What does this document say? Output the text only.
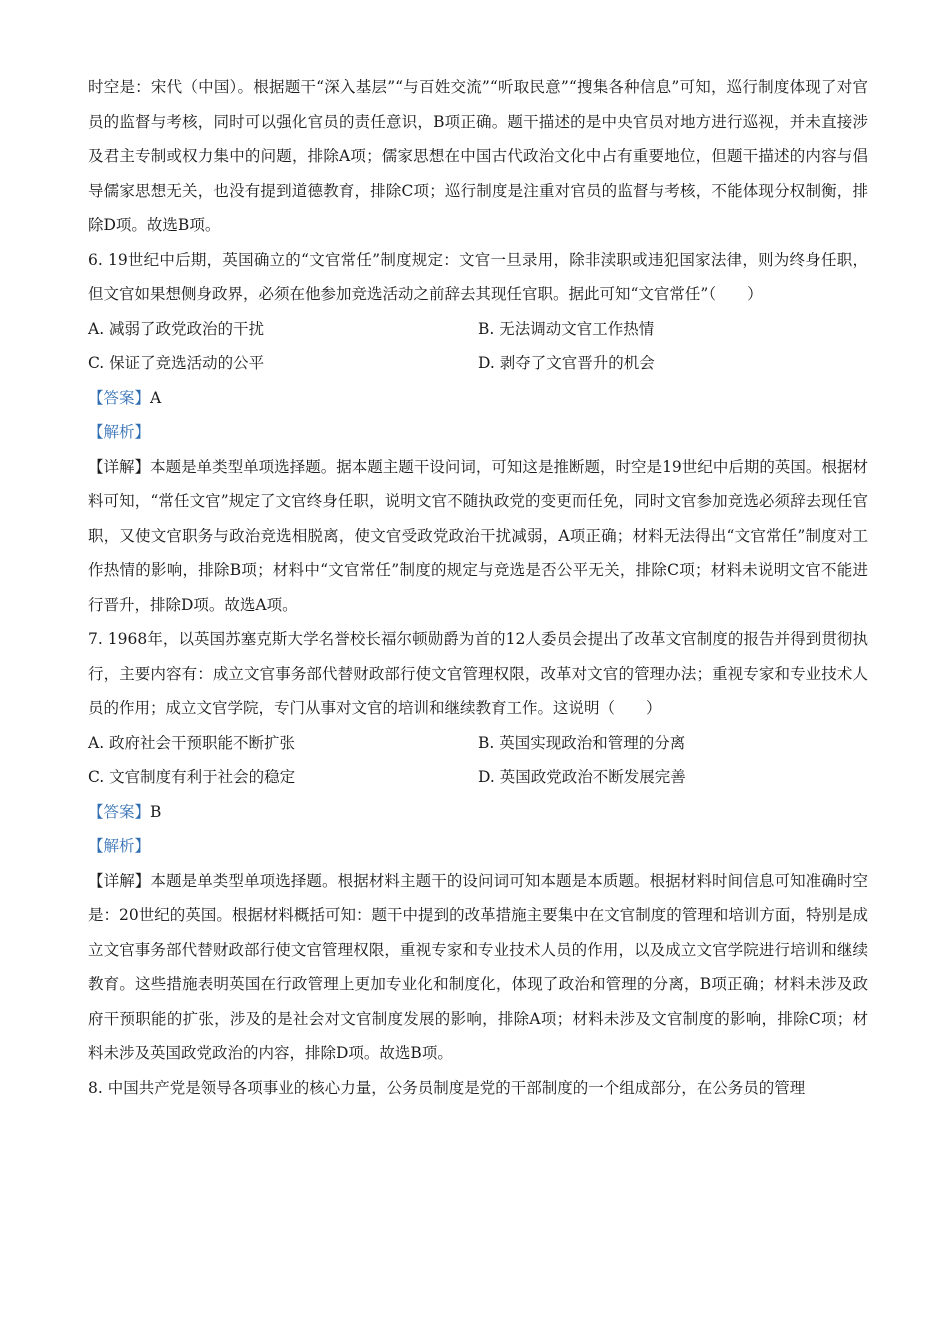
时空是：宋代（中国）。根据题干“深入基层”“与百姓交流”“听取民意”“搜集各种信息”可知，巡行制度体现了对官员的监督与考核，同时可以强化官员的责任意识，B项正确。题干描述的是中央官员对地方进行巡视，并未直接涉及君主专制或权力集中的问题，排除A项；儒家思想在中国古代政治文化中占有重要地位，但题干描述的内容与倡导儒家思想无关，也没有提到道德教育，排除C项；巡行制度是注重对官员的监督与考核，不能体现分权制衡，排除D项。故选B项。

6. 19世纪中后期，英国确立的“文官常任”制度规定：文官一旦录用，除非渎职或违犯国家法律，则为终身任职，但文官如果想侧身政界，必须在他参加竞选活动之前辞去其现任官职。据此可知“文官常任”（　　）

A. 减弱了政党政治的干扰	B. 无法调动文官工作热情
C. 保证了竞选活动的公平	D. 剥夺了文官晋升的机会

【答案】A

【解析】

【详解】本题是单类型单项选择题。据本题主题干设问词，可知这是推断题，时空是19世纪中后期的英国。根据材料可知，“常任文官”规定了文官终身任职，说明文官不随执政党的变更而任免，同时文官参加竞选必须辞去现任官职，又使文官职务与政治竞选相脱离，使文官受政党政治干扰减弱，A项正确；材料无法得出“文官常任”制度对工作热情的影响，排除B项；材料中“文官常任”制度的规定与竞选是否公平无关，排除C项；材料未说明文官不能进行晋升，排除D项。故选A项。

7. 1968年，以英国苏塞克斯大学名誉校长福尔顿勋爵为首的12人委员会提出了改革文官制度的报告并得到贯彻执行，主要内容有：成立文官事务部代替财政部行使文官管理权限，改革对文官的管理办法；重视专家和专业技术人员的作用；成立文官学院，专门从事对文官的培训和继续教育工作。这说明（　　）

A. 政府社会干预职能不断扩张	B. 英国实现政治和管理的分离
C. 文官制度有利于社会的稳定	D. 英国政党政治不断发展完善

【答案】B

【解析】

【详解】本题是单类型单项选择题。根据材料主题干的设问词可知本题是本质题。根据材料时间信息可知准确时空是：20世纪的英国。根据材料概括可知：题干中提到的改革措施主要集中在文官制度的管理和培训方面，特别是成立文官事务部代替财政部行使文官管理权限，重视专家和专业技术人员的作用，以及成立文官学院进行培训和继续教育。这些措施表明英国在行政管理上更加专业化和制度化，体现了政治和管理的分离，B项正确；材料未涉及政府干预职能的扩张，涉及的是社会对文官制度发展的影响，排除A项；材料未涉及文官制度的影响，排除C项；材料未涉及英国政党政治的内容，排除D项。故选B项。

8. 中国共产党是领导各项事业的核心力量，公务员制度是党的干部制度的一个组成部分，在公务员的管理
